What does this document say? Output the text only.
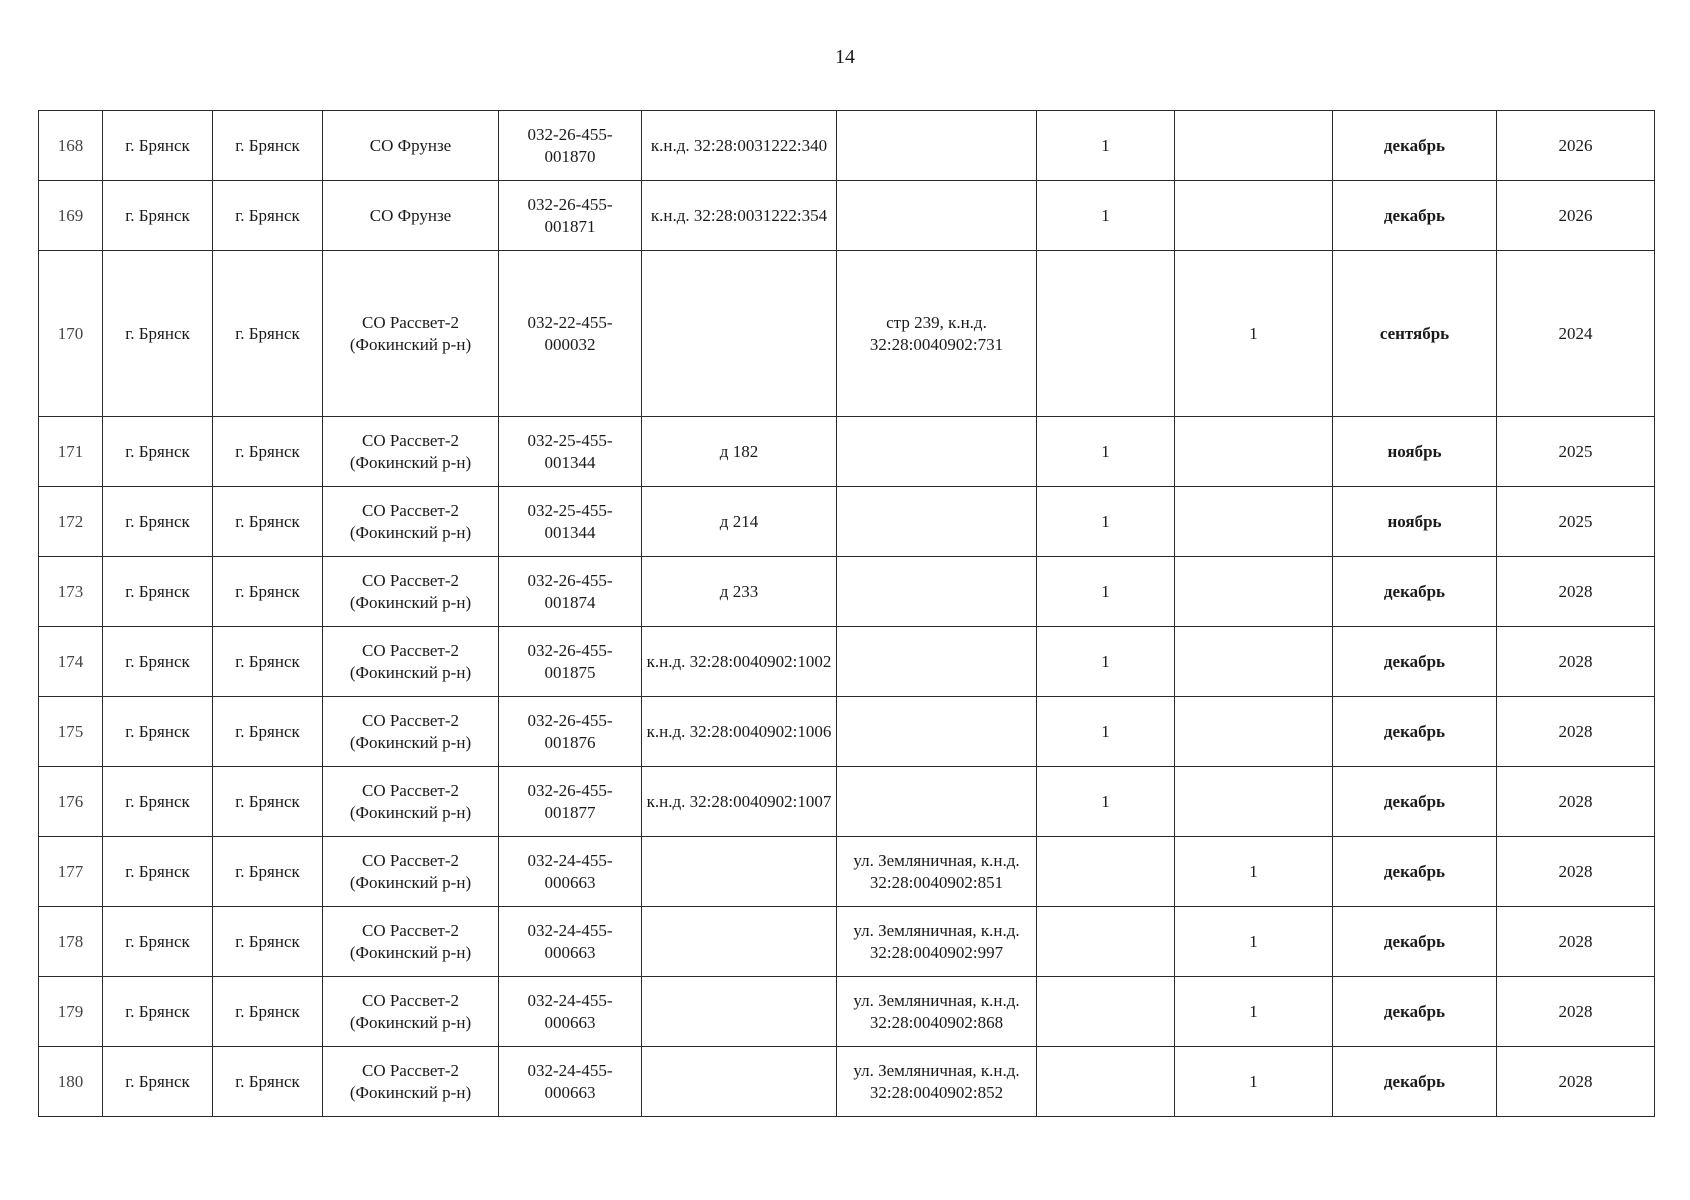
14
168	г. Брянск	г. Брянск	СО Фрунзе	032-26-455-001870	к.н.д. 32:28:0031222:340		1		декабрь	2026
169	г. Брянск	г. Брянск	СО Фрунзе	032-26-455-001871	к.н.д. 32:28:0031222:354		1		декабрь	2026
170	г. Брянск	г. Брянск	СО Рассвет-2 (Фокинский р-н)	032-22-455-000032		стр 239, к.н.д. 32:28:0040902:731		1	сентябрь	2024
171	г. Брянск	г. Брянск	СО Рассвет-2 (Фокинский р-н)	032-25-455-001344	д 182		1		ноябрь	2025
172	г. Брянск	г. Брянск	СО Рассвет-2 (Фокинский р-н)	032-25-455-001344	д 214		1		ноябрь	2025
173	г. Брянск	г. Брянск	СО Рассвет-2 (Фокинский р-н)	032-26-455-001874	д 233		1		декабрь	2028
174	г. Брянск	г. Брянск	СО Рассвет-2 (Фокинский р-н)	032-26-455-001875	к.н.д. 32:28:0040902:1002		1		декабрь	2028
175	г. Брянск	г. Брянск	СО Рассвет-2 (Фокинский р-н)	032-26-455-001876	к.н.д. 32:28:0040902:1006		1		декабрь	2028
176	г. Брянск	г. Брянск	СО Рассвет-2 (Фокинский р-н)	032-26-455-001877	к.н.д. 32:28:0040902:1007		1		декабрь	2028
177	г. Брянск	г. Брянск	СО Рассвет-2 (Фокинский р-н)	032-24-455-000663		ул. Земляничная, к.н.д. 32:28:0040902:851		1	декабрь	2028
178	г. Брянск	г. Брянск	СО Рассвет-2 (Фокинский р-н)	032-24-455-000663		ул. Земляничная, к.н.д. 32:28:0040902:997		1	декабрь	2028
179	г. Брянск	г. Брянск	СО Рассвет-2 (Фокинский р-н)	032-24-455-000663		ул. Земляничная, к.н.д. 32:28:0040902:868		1	декабрь	2028
180	г. Брянск	г. Брянск	СО Рассвет-2 (Фокинский р-н)	032-24-455-000663		ул. Земляничная, к.н.д. 32:28:0040902:852		1	декабрь	2028
